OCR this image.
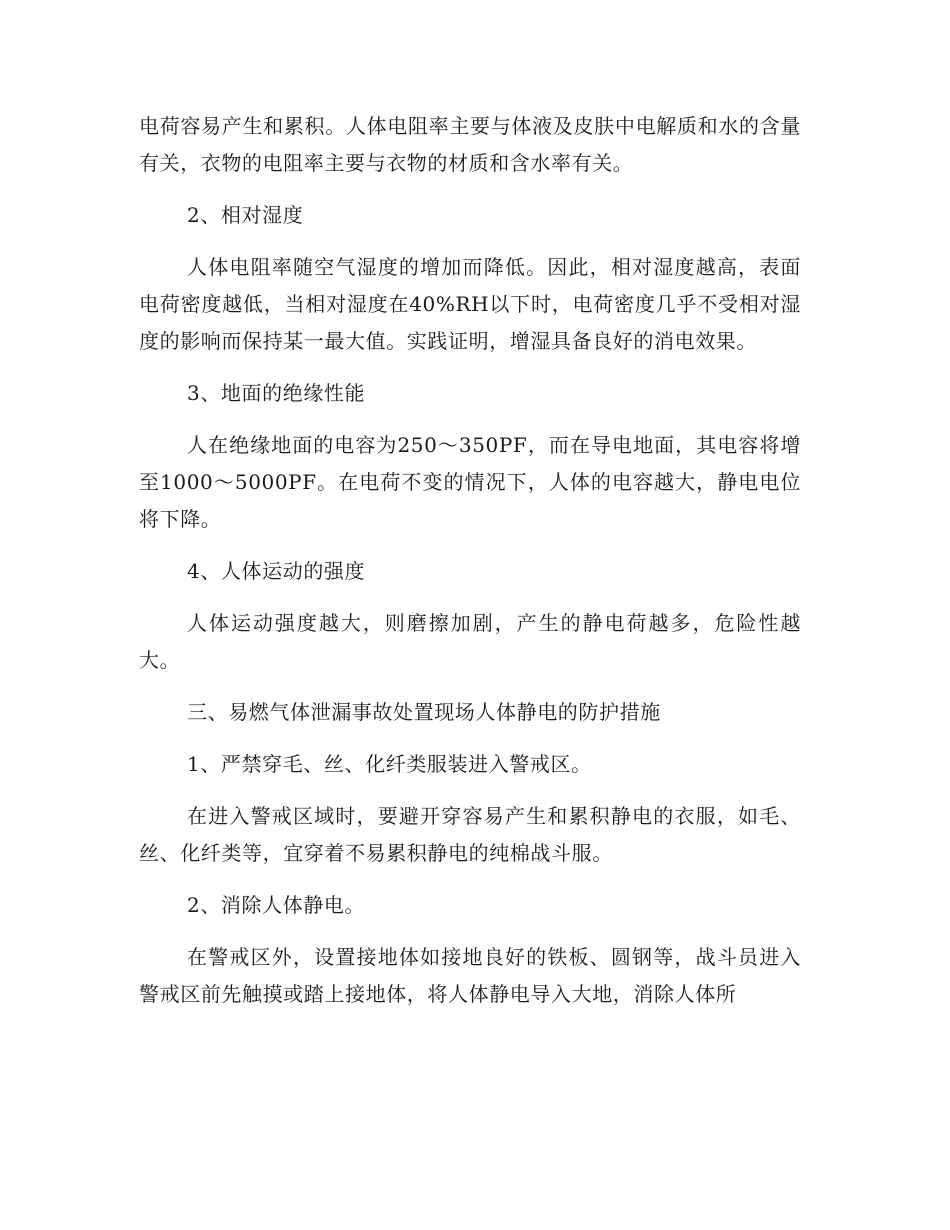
电荷容易产生和累积。人体电阻率主要与体液及皮肤中电解质和水的含量有关，衣物的电阻率主要与衣物的材质和含水率有关。

2、相对湿度

人体电阻率随空气湿度的增加而降低。因此，相对湿度越高，表面电荷密度越低，当相对湿度在40%RH以下时，电荷密度几乎不受相对湿度的影响而保持某一最大值。实践证明，增湿具备良好的消电效果。

3、地面的绝缘性能

人在绝缘地面的电容为250～350PF，而在导电地面，其电容将增至1000～5000PF。在电荷不变的情况下，人体的电容越大，静电电位将下降。

4、人体运动的强度

人体运动强度越大，则磨擦加剧，产生的静电荷越多，危险性越大。

三、易燃气体泄漏事故处置现场人体静电的防护措施

1、严禁穿毛、丝、化纤类服装进入警戒区。

在进入警戒区域时，要避开穿容易产生和累积静电的衣服，如毛、丝、化纤类等，宜穿着不易累积静电的纯棉战斗服。

2、消除人体静电。

在警戒区外，设置接地体如接地良好的铁板、圆钢等，战斗员进入警戒区前先触摸或踏上接地体，将人体静电导入大地，消除人体所
